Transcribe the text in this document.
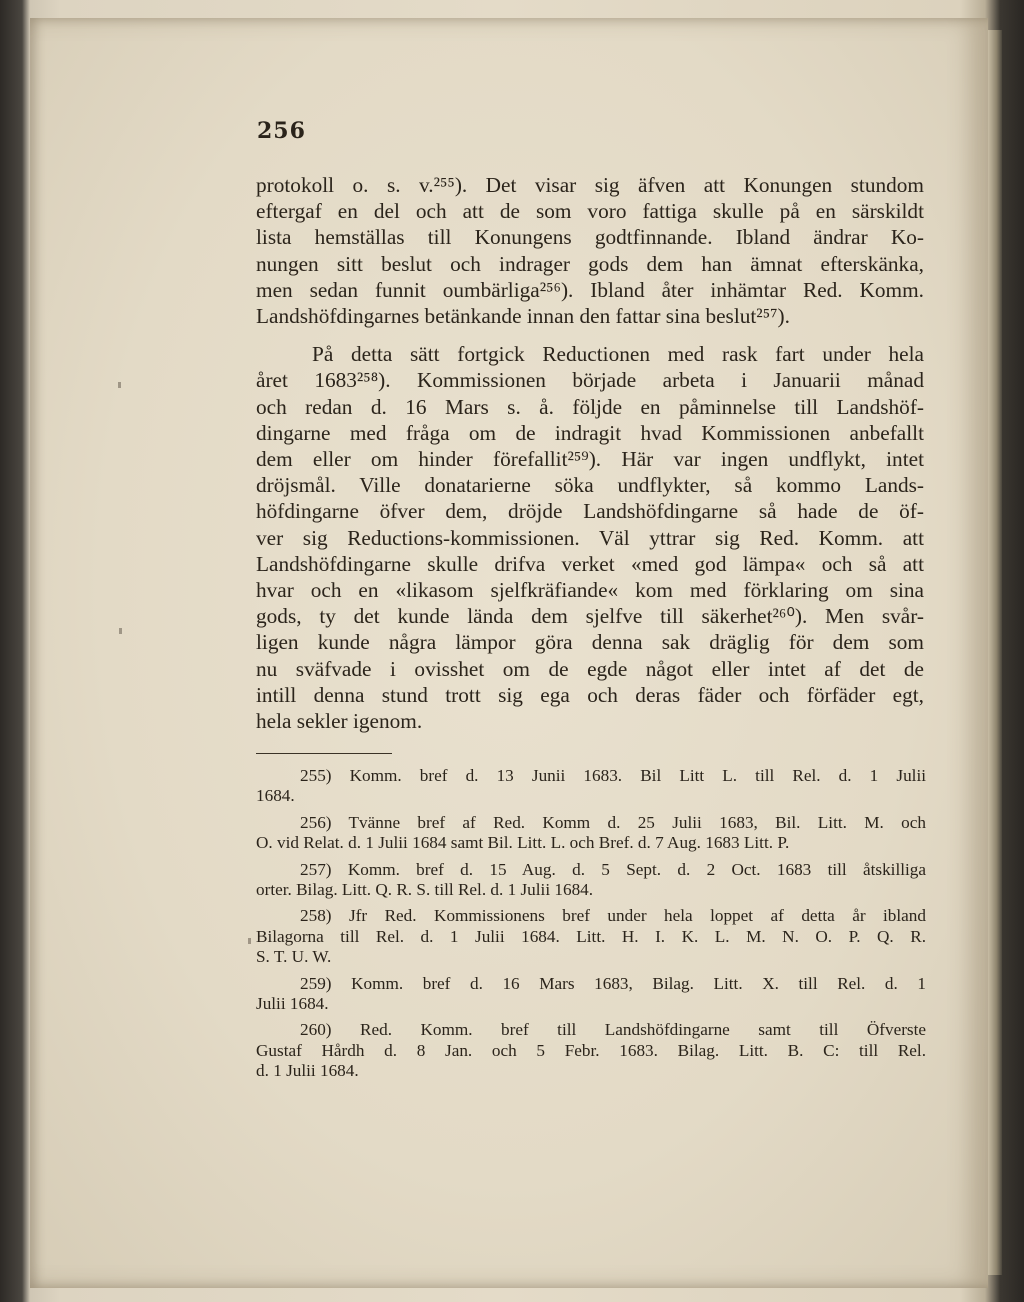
256
protokoll o. s. v.²⁵⁵). Det visar sig äfven att Konungen stundom
eftergaf en del och att de som voro fattiga skulle på en särskildt
lista hemställas till Konungens godtfinnande. Ibland ändrar Ko-
nungen sitt beslut och indrager gods dem han ämnat efterskänka,
men sedan funnit oumbärliga²⁵⁶). Ibland åter inhämtar Red. Komm.
Landshöfdingarnes betänkande innan den fattar sina beslut²⁵⁷).
På detta sätt fortgick Reductionen med rask fart under hela
året 1683²⁵⁸). Kommissionen började arbeta i Januarii månad
och redan d. 16 Mars s. å. följde en påminnelse till Landshöf-
dingarne med fråga om de indragit hvad Kommissionen anbefallt
dem eller om hinder förefallit²⁵⁹). Här var ingen undflykt, intet
dröjsmål. Ville donatarierne söka undflykter, så kommo Lands-
höfdingarne öfver dem, dröjde Landshöfdingarne så hade de öf-
ver sig Reductions-kommissionen. Väl yttrar sig Red. Komm. att
Landshöfdingarne skulle drifva verket «med god lämpa« och så att
hvar och en «likasom sjelfkräfiande« kom med förklaring om sina
gods, ty det kunde lända dem sjelfve till säkerhet²⁶⁰). Men svår-
ligen kunde några lämpor göra denna sak dräglig för dem som
nu sväfvade i ovisshet om de egde något eller intet af det de
intill denna stund trott sig ega och deras fäder och förfäder egt,
hela sekler igenom.
255) Komm. bref d. 13 Junii 1683. Bil Litt L. till Rel. d. 1 Julii
1684.
256) Tvänne bref af Red. Komm d. 25 Julii 1683, Bil. Litt. M. och
O. vid Relat. d. 1 Julii 1684 samt Bil. Litt. L. och Bref. d. 7 Aug. 1683 Litt. P.
257) Komm. bref d. 15 Aug. d. 5 Sept. d. 2 Oct. 1683 till åtskilliga
orter. Bilag. Litt. Q. R. S. till Rel. d. 1 Julii 1684.
258) Jfr Red. Kommissionens bref under hela loppet af detta år ibland
Bilagorna till Rel. d. 1 Julii 1684. Litt. H. I. K. L. M. N. O. P. Q. R.
S. T. U. W.
259) Komm. bref d. 16 Mars 1683, Bilag. Litt. X. till Rel. d. 1
Julii 1684.
260) Red. Komm. bref till Landshöfdingarne samt till Öfverste
Gustaf Hårdh d. 8 Jan. och 5 Febr. 1683. Bilag. Litt. B. C: till Rel.
d. 1 Julii 1684.
